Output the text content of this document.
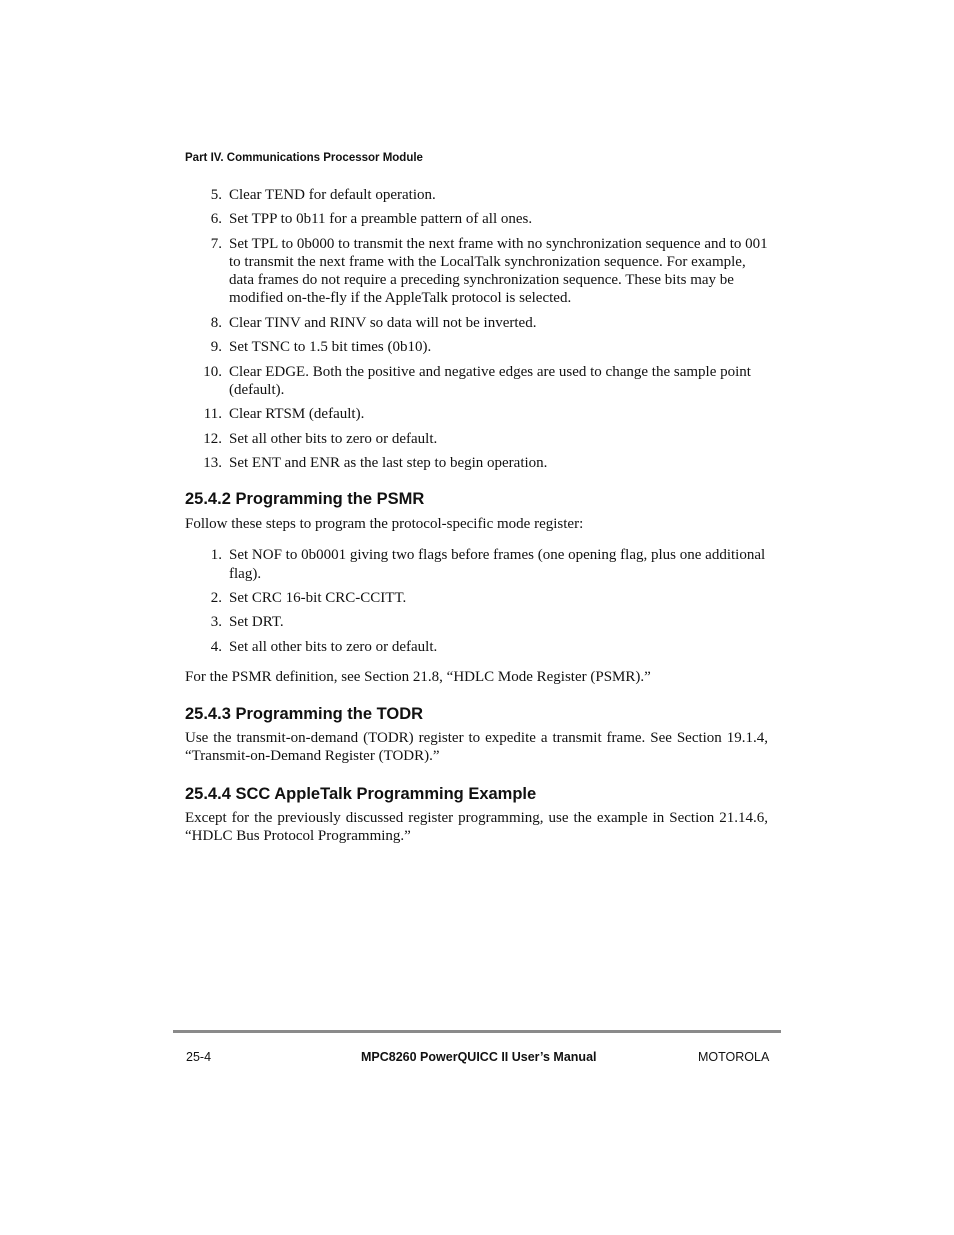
Part IV. Communications Processor Module
5. Clear TEND for default operation.
6. Set TPP to 0b11 for a preamble pattern of all ones.
7. Set TPL to 0b000 to transmit the next frame with no synchronization sequence and to 001 to transmit the next frame with the LocalTalk synchronization sequence. For example, data frames do not require a preceding synchronization sequence. These bits may be modified on-the-fly if the AppleTalk protocol is selected.
8. Clear TINV and RINV so data will not be inverted.
9. Set TSNC to 1.5 bit times (0b10).
10. Clear EDGE. Both the positive and negative edges are used to change the sample point (default).
11. Clear RTSM (default).
12. Set all other bits to zero or default.
13. Set ENT and ENR as the last step to begin operation.
25.4.2 Programming the PSMR

Follow these steps to program the protocol-specific mode register:

1. Set NOF to 0b0001 giving two flags before frames (one opening flag, plus one additional flag).
2. Set CRC 16-bit CRC-CCITT.
3. Set DRT.
4. Set all other bits to zero or default.

For the PSMR definition, see Section 21.8, “HDLC Mode Register (PSMR).”

25.4.3 Programming the TODR

Use the transmit-on-demand (TODR) register to expedite a transmit frame. See Section 19.1.4, “Transmit-on-Demand Register (TODR).”

25.4.4 SCC AppleTalk Programming Example

Except for the previously discussed register programming, use the example in Section 21.14.6, “HDLC Bus Protocol Programming.”

25-4	MPC8260 PowerQUICC II User’s Manual	MOTOROLA
